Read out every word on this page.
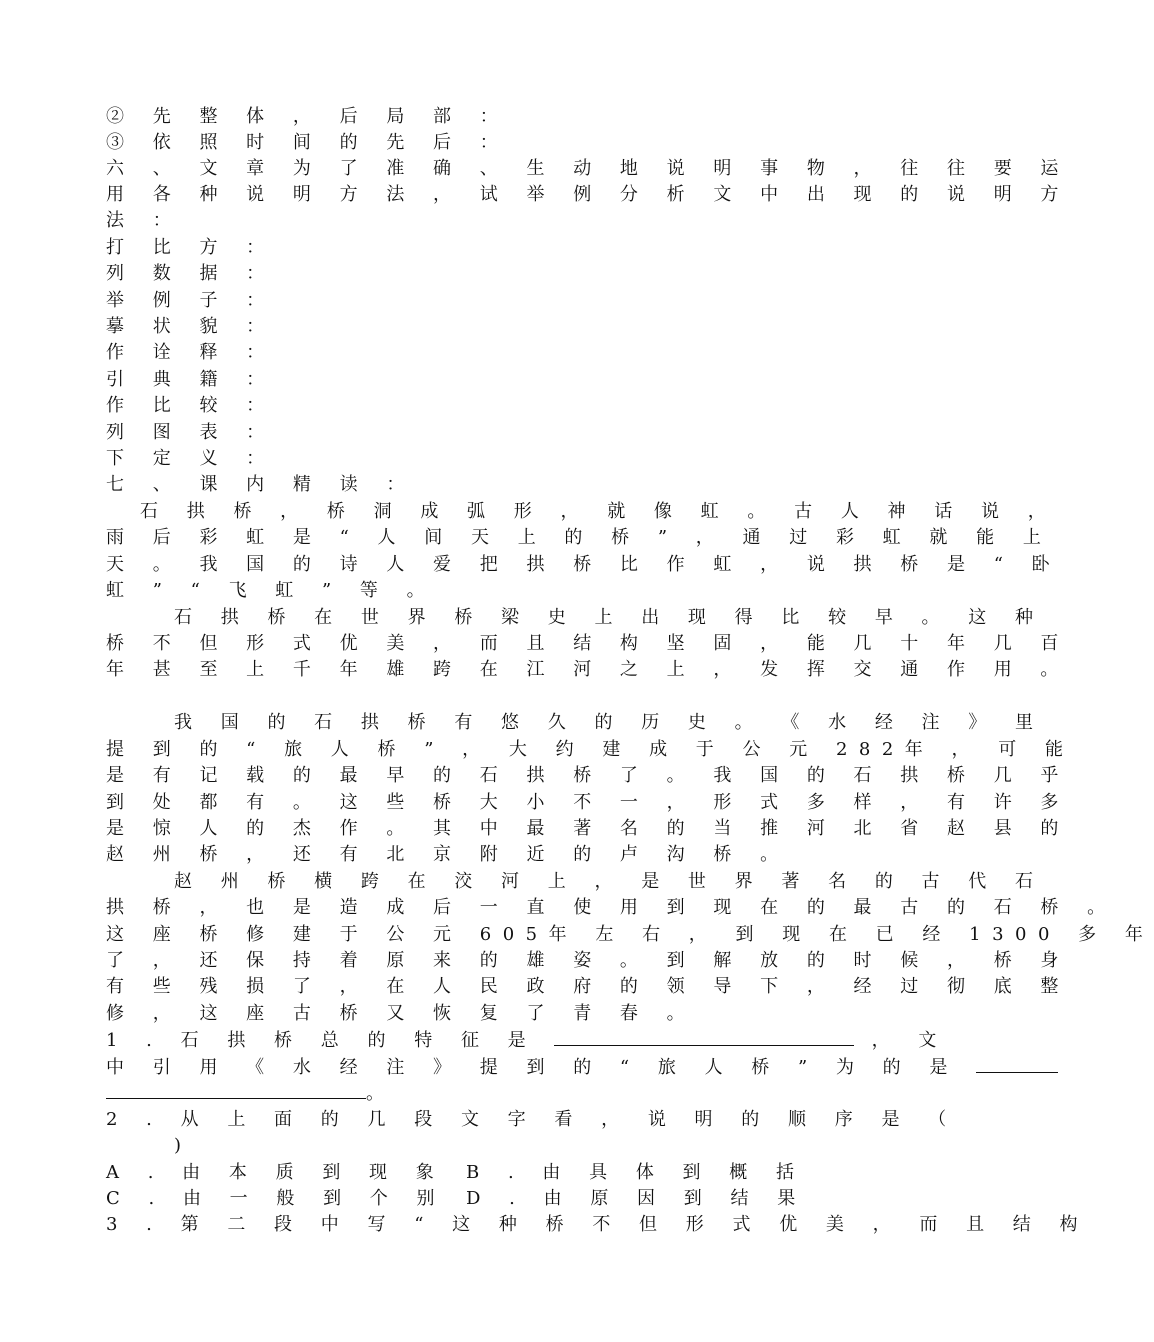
② 先 整 体 ， 后 局 部 ：
③ 依 照 时 间 的 先 后 ：
六 、 文 章 为 了 准 确 、 生 动 地 说 明 事 物 ， 往 往 要 运
用 各 种 说 明 方 法 ， 试 举 例 分 析 文 中 出 现 的 说 明 方
法 ：
打 比 方 ：
列 数 据 ：
举 例 子 ：
摹 状 貌 ：
作 诠 释 ：
引 典 籍 ：
作 比 较 ：
列 图 表 ：
下 定 义 ：
七 、 课 内 精 读 ：
石 拱 桥 ， 桥 洞 成 弧 形 ， 就 像 虹 。 古 人 神 话 说 ，
雨 后 彩 虹 是 “ 人 间 天 上 的 桥 ” ， 通 过 彩 虹 就 能 上
天 。 我 国 的 诗 人 爱 把 拱 桥 比 作 虹 ， 说 拱 桥 是 “ 卧
虹 ” “ 飞 虹 ” 等 。
石 拱 桥 在 世 界 桥 梁 史 上 出 现 得 比 较 早 。 这 种
桥 不 但 形 式 优 美 ， 而 且 结 构 坚 固 ， 能 几 十 年 几 百
年 甚 至 上 千 年 雄 跨 在 江 河 之 上 ， 发 挥 交 通 作 用 。
我 国 的 石 拱 桥 有 悠 久 的 历 史 。 《 水 经 注 》 里
提 到 的 “ 旅 人 桥 ” ， 大 约 建 成 于 公 元 282年 ， 可 能
是 有 记 载 的 最 早 的 石 拱 桥 了 。 我 国 的 石 拱 桥 几 乎
到 处 都 有 。 这 些 桥 大 小 不 一 ， 形 式 多 样 ， 有 许 多
是 惊 人 的 杰 作 。 其 中 最 著 名 的 当 推 河 北 省 赵 县 的
赵 州 桥 ， 还 有 北 京 附 近 的 卢 沟 桥 。
赵 州 桥 横 跨 在 洨 河 上 ， 是 世 界 著 名 的 古 代 石
拱 桥 ， 也 是 造 成 后 一 直 使 用 到 现 在 的 最 古 的 石 桥 。
这 座 桥 修 建 于 公 元 605年 左 右 ， 到 现 在 已 经 1300 多 年
了 ， 还 保 持 着 原 来 的 雄 姿 。 到 解 放 的 时 候 ， 桥 身
有 些 残 损 了 ， 在 人 民 政 府 的 领 导 下 ， 经 过 彻 底 整
修 ， 这 座 古 桥 又 恢 复 了 青 春 。
1 . 石 拱 桥 总 的 特 征 是	， 文
中 引 用 《 水 经 注 》 提 到 的 “ 旅 人 桥 ” 为 的 是
。
2 . 从 上 面 的 几 段 文 字 看 ， 说 明 的 顺 序 是 （
)
A . 由 本 质 到 现 象 B . 由 具 体 到 概 括
C . 由 一 般 到 个 别 D . 由 原 因 到 结 果
3 . 第 二 段 中 写 “ 这 种 桥 不 但 形 式 优 美 ， 而 且 结 构
